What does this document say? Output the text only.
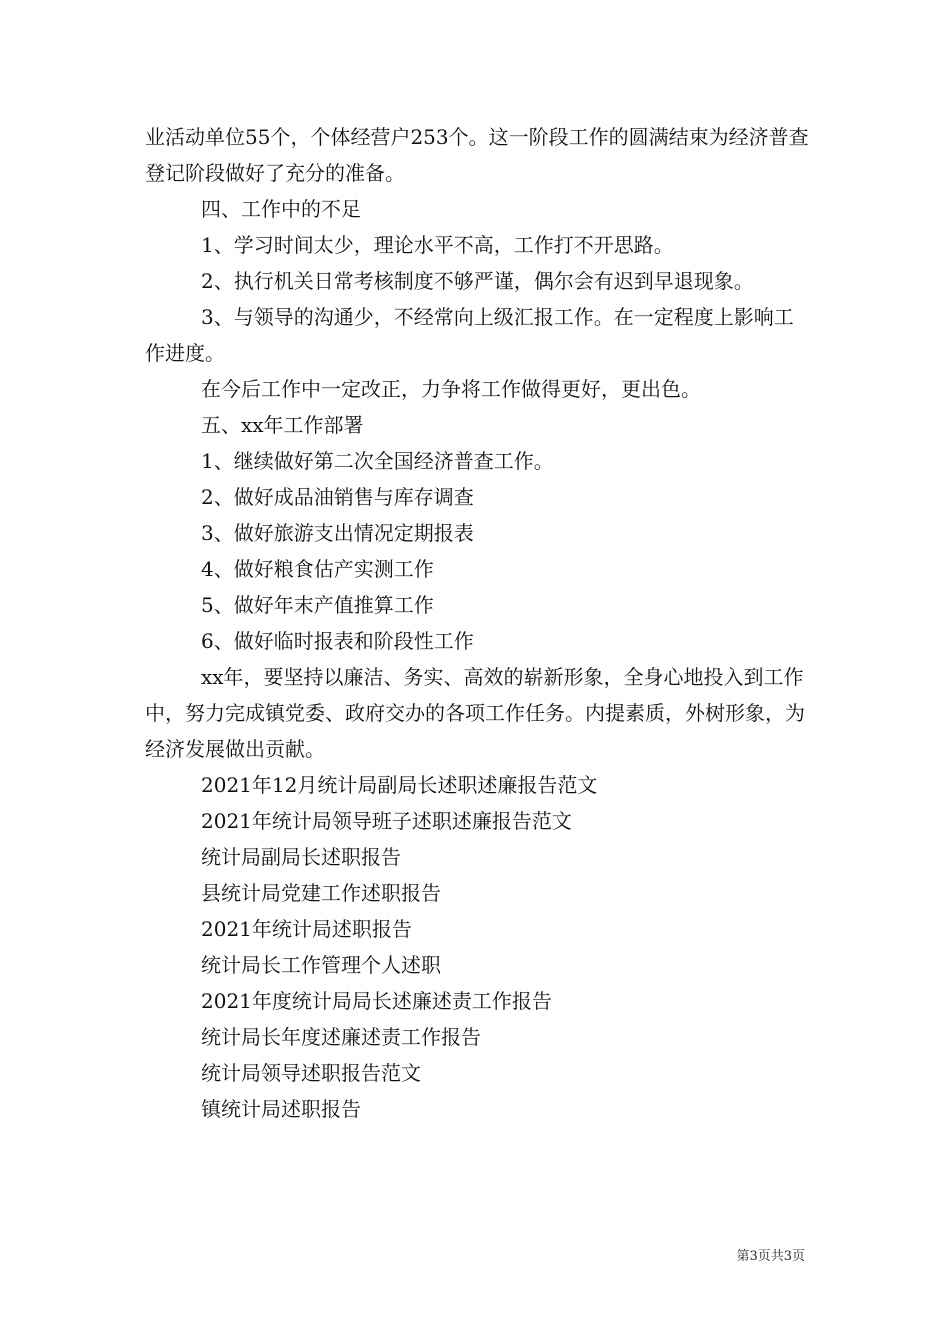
业活动单位55个，个体经营户253个。这一阶段工作的圆满结束为经济普查登记阶段做好了充分的准备。

四、工作中的不足

1、学习时间太少，理论水平不高，工作打不开思路。

2、执行机关日常考核制度不够严谨，偶尔会有迟到早退现象。

3、与领导的沟通少，不经常向上级汇报工作。在一定程度上影响工作进度。

在今后工作中一定改正，力争将工作做得更好，更出色。

五、xx年工作部署

1、继续做好第二次全国经济普查工作。

2、做好成品油销售与库存调查

3、做好旅游支出情况定期报表

4、做好粮食估产实测工作

5、做好年末产值推算工作

6、做好临时报表和阶段性工作

xx年，要坚持以廉洁、务实、高效的崭新形象，全身心地投入到工作中，努力完成镇党委、政府交办的各项工作任务。内提素质，外树形象，为经济发展做出贡献。

2021年12月统计局副局长述职述廉报告范文

2021年统计局领导班子述职述廉报告范文

统计局副局长述职报告

县统计局党建工作述职报告

2021年统计局述职报告

统计局长工作管理个人述职

2021年度统计局局长述廉述责工作报告

统计局长年度述廉述责工作报告

统计局领导述职报告范文

镇统计局述职报告

第3页共3页
